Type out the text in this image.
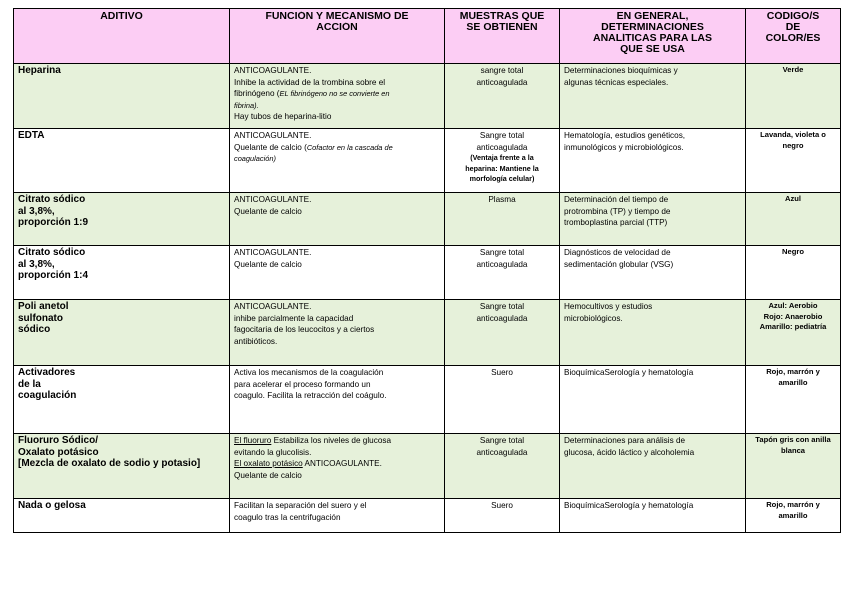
ADITIVO	FUNCIÓN Y MECANISMO DE
ACCIÓN	MUESTRAS QUE
SE OBTIENEN	EN GENERAL,
DETERMINACIONES
ANALÍTICAS PARA LAS
QUE SE USA	CÓDIGO/S
DE
COLOR/ES

Heparina	ANTICOAGULANTE.
Inhibe la actividad de la trombina sobre el
fibrinógeno (EL fibrinógeno no se convierte en
fibrina).
Hay tubos de heparina-litio	sangre total
anticoagulada	Determinaciones bioquímicas y
algunas técnicas especiales.	Verde

EDTA	ANTICOAGULANTE.
Quelante de calcio (Cofactor en la cascada de
coagulación)	Sangre total
anticoagulada
(Ventaja frente a la
heparina: Mantiene la
morfología celular)	Hematología, estudios genéticos,
inmunológicos y microbiológicos.	Lavanda, violeta o
negro

Citrato sódico
al 3,8%,
proporción 1:9	ANTICOAGULANTE.
Quelante de calcio	Plasma	Determinación del tiempo de
protrombina (TP) y tiempo de
tromboplastina parcial (TTP)	Azul

Citrato sódico
al 3,8%,
proporción 1:4	ANTICOAGULANTE.
Quelante de calcio	Sangre total
anticoagulada	Diagnósticos de velocidad de
sedimentación globular (VSG)	Negro

Poli anetol
sulfonato
sódico	ANTICOAGULANTE.
inhibe parcialmente la capacidad
fagocitaria de los leucocitos y a ciertos
antibióticos.	Sangre total
anticoagulada	Hemocultivos y estudios
microbiológicos.	Azul: Aerobio
Rojo: Anaerobio
Amarillo: pediatría

Activadores
de la
coagulación	Activa los mecanismos de la coagulación
para acelerar el proceso formando un
coagulo. Facilita la retracción del coágulo.	Suero	BioquímicaSerología y hematología	Rojo, marrón y
amarillo

Fluoruro Sódico/
Oxalato potásico
[Mezcla de oxalato de sodio y potasio]	El fluoruro Estabiliza los niveles de glucosa
evitando la glucolisis.
El oxalato potásico ANTICOAGULANTE.
Quelante de calcio	Sangre total
anticoagulada	Determinaciones para análisis de
glucosa, ácido láctico y alcoholemia	Tapón gris con anilla
blanca

Nada o gelosa	Facilitan la separación del suero y el
coagulo tras la centrifugación	Suero	BioquímicaSerología y hematología	Rojo, marrón y
amarillo
